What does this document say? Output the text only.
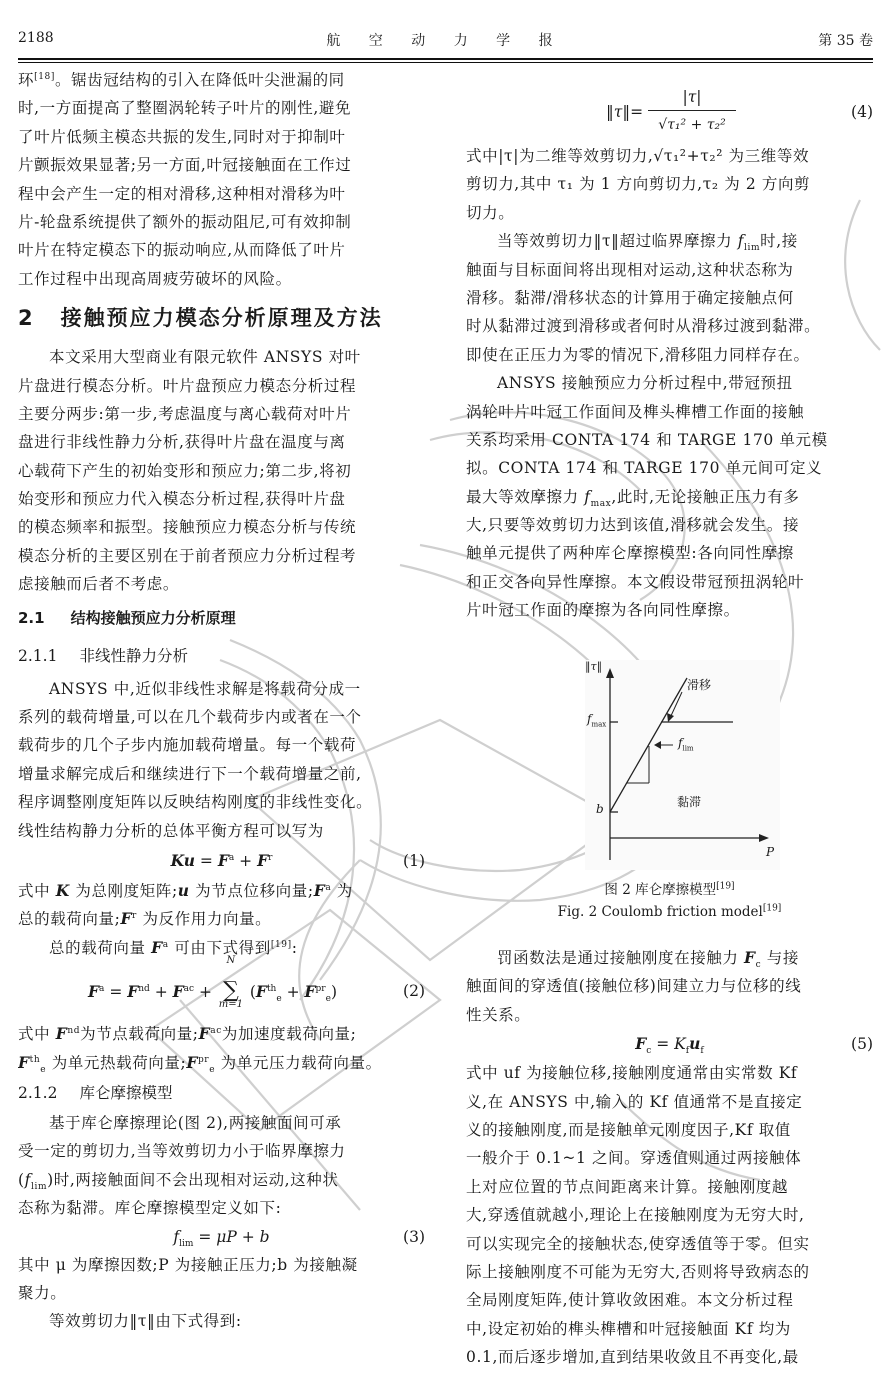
2188	航 空 动 力 学 报	第 35 卷
环[18]。锯齿冠结构的引入在降低叶尖泄漏的同
时,一方面提高了整圈涡轮转子叶片的刚性,避免
了叶片低频主模态共振的发生,同时对于抑制叶
片颤振效果显著;另一方面,叶冠接触面在工作过
程中会产生一定的相对滑移,这种相对滑移为叶
片-轮盘系统提供了额外的振动阻尼,可有效抑制
叶片在特定模态下的振动响应,从而降低了叶片
工作过程中出现高周疲劳破坏的风险。
2 接触预应力模态分析原理及方法
本文采用大型商业有限元软件 ANSYS 对叶
片盘进行模态分析。叶片盘预应力模态分析过程
主要分两步:第一步,考虑温度与离心载荷对叶片
盘进行非线性静力分析,获得叶片盘在温度与离
心载荷下产生的初始变形和预应力;第二步,将初
始变形和预应力代入模态分析过程,获得叶片盘
的模态频率和振型。接触预应力模态分析与传统
模态分析的主要区别在于前者预应力分析过程考
虑接触而后者不考虑。
2.1 结构接触预应力分析原理
2.1.1 非线性静力分析
ANSYS 中,近似非线性求解是将载荷分成一
系列的载荷增量,可以在几个载荷步内或者在一个
载荷步的几个子步内施加载荷增量。每一个载荷
增量求解完成后和继续进行下一个载荷增量之前,
程序调整刚度矩阵以反映结构刚度的非线性变化。
线性结构静力分析的总体平衡方程可以写为
$Ku = F^a + F^r$	(1)
式中 K 为总刚度矩阵;u 为节点位移向量$;F^a$ 为
总的载荷向量$;F^r$ 为反作用力向量。
总的载荷向量 $F^a$ 可由下式得到[19]:
$F^a = F^{nd} + F^{ac}$ +
N
∑
m=1
$(F^{th}_e + F^{pr}_e)$	(2)
式中 $F^{nd}$为节点载荷向量$;F^{ac}$为加速度载荷向量;
$F^{th}_e$ 为单元热载荷向量$;F^{pr}_e$ 为单元压力载荷向量。
2.1.2 库仑摩擦模型
基于库仑摩擦理论(图 2),两接触面间可承
受一定的剪切力,当等效剪切力小于临界摩擦力
$(f_{lim})$时,两接触面间不会出现相对运动,这种状
态称为黏滞。库仑摩擦模型定义如下:
$f_{lim} = \mu P + b$	(3)
其中 μ 为摩擦因数;P 为接触正压力;b 为接触凝
聚力。
等效剪切力‖τ‖由下式得到:
‖τ‖= $\frac{|\tau|}{\text{√τ₁² + τ₂²}}$	(4)
式中|τ|为二维等效剪切力,√τ₁²+τ₂² 为三维等效
剪切力,其中 τ₁ 为 1 方向剪切力,τ₂ 为 2 方向剪
切力。
当等效剪切力‖τ‖超过临界摩擦力 $f_{lim}$时,接
触面与目标面间将出现相对运动,这种状态称为
滑移。黏滞/滑移状态的计算用于确定接触点何
时从黏滞过渡到滑移或者何时从滑移过渡到黏滞。
即使在正压力为零的情况下,滑移阻力同样存在。
ANSYS 接触预应力分析过程中,带冠预扭
涡轮叶片叶冠工作面间及榫头榫槽工作面的接触
关系均采用 CONTA 174 和 TARGE 170 单元模
拟。CONTA 174 和 TARGE 170 单元间可定义
最大等效摩擦力 $f_{max}$,此时,无论接触正压力有多
大,只要等效剪切力达到该值,滑移就会发生。接
触单元提供了两种库仑摩擦模型:各向同性摩擦
和正交各向异性摩擦。本文假设带冠预扭涡轮叶
片叶冠工作面的摩擦为各向同性摩擦。
‖τ‖
P
$f_{max}$
b
滑移
$f_{lim}$
黏滞
图 2 库仑摩擦模型[19]
Fig. 2 Coulomb friction model[19]
罚函数法是通过接触刚度在接触力 $F_c$ 与接
触面间的穿透值(接触位移)间建立力与位移的线
性关系。
$F_c = K_fu_f$	(5)
式中 uf 为接触位移,接触刚度通常由实常数 Kf
义,在 ANSYS 中,输入的 Kf 值通常不是直接定
义的接触刚度,而是接触单元刚度因子,Kf 取值
一般介于 0.1~1 之间。穿透值则通过两接触体
上对应位置的节点间距离来计算。接触刚度越
大,穿透值就越小,理论上在接触刚度为无穷大时,
可以实现完全的接触状态,使穿透值等于零。但实
际上接触刚度不可能为无穷大,否则将导致病态的
全局刚度矩阵,使计算收敛困难。本文分析过程
中,设定初始的榫头榫槽和叶冠接触面 Kf 均为
0.1,而后逐步增加,直到结果收敛且不再变化,最
